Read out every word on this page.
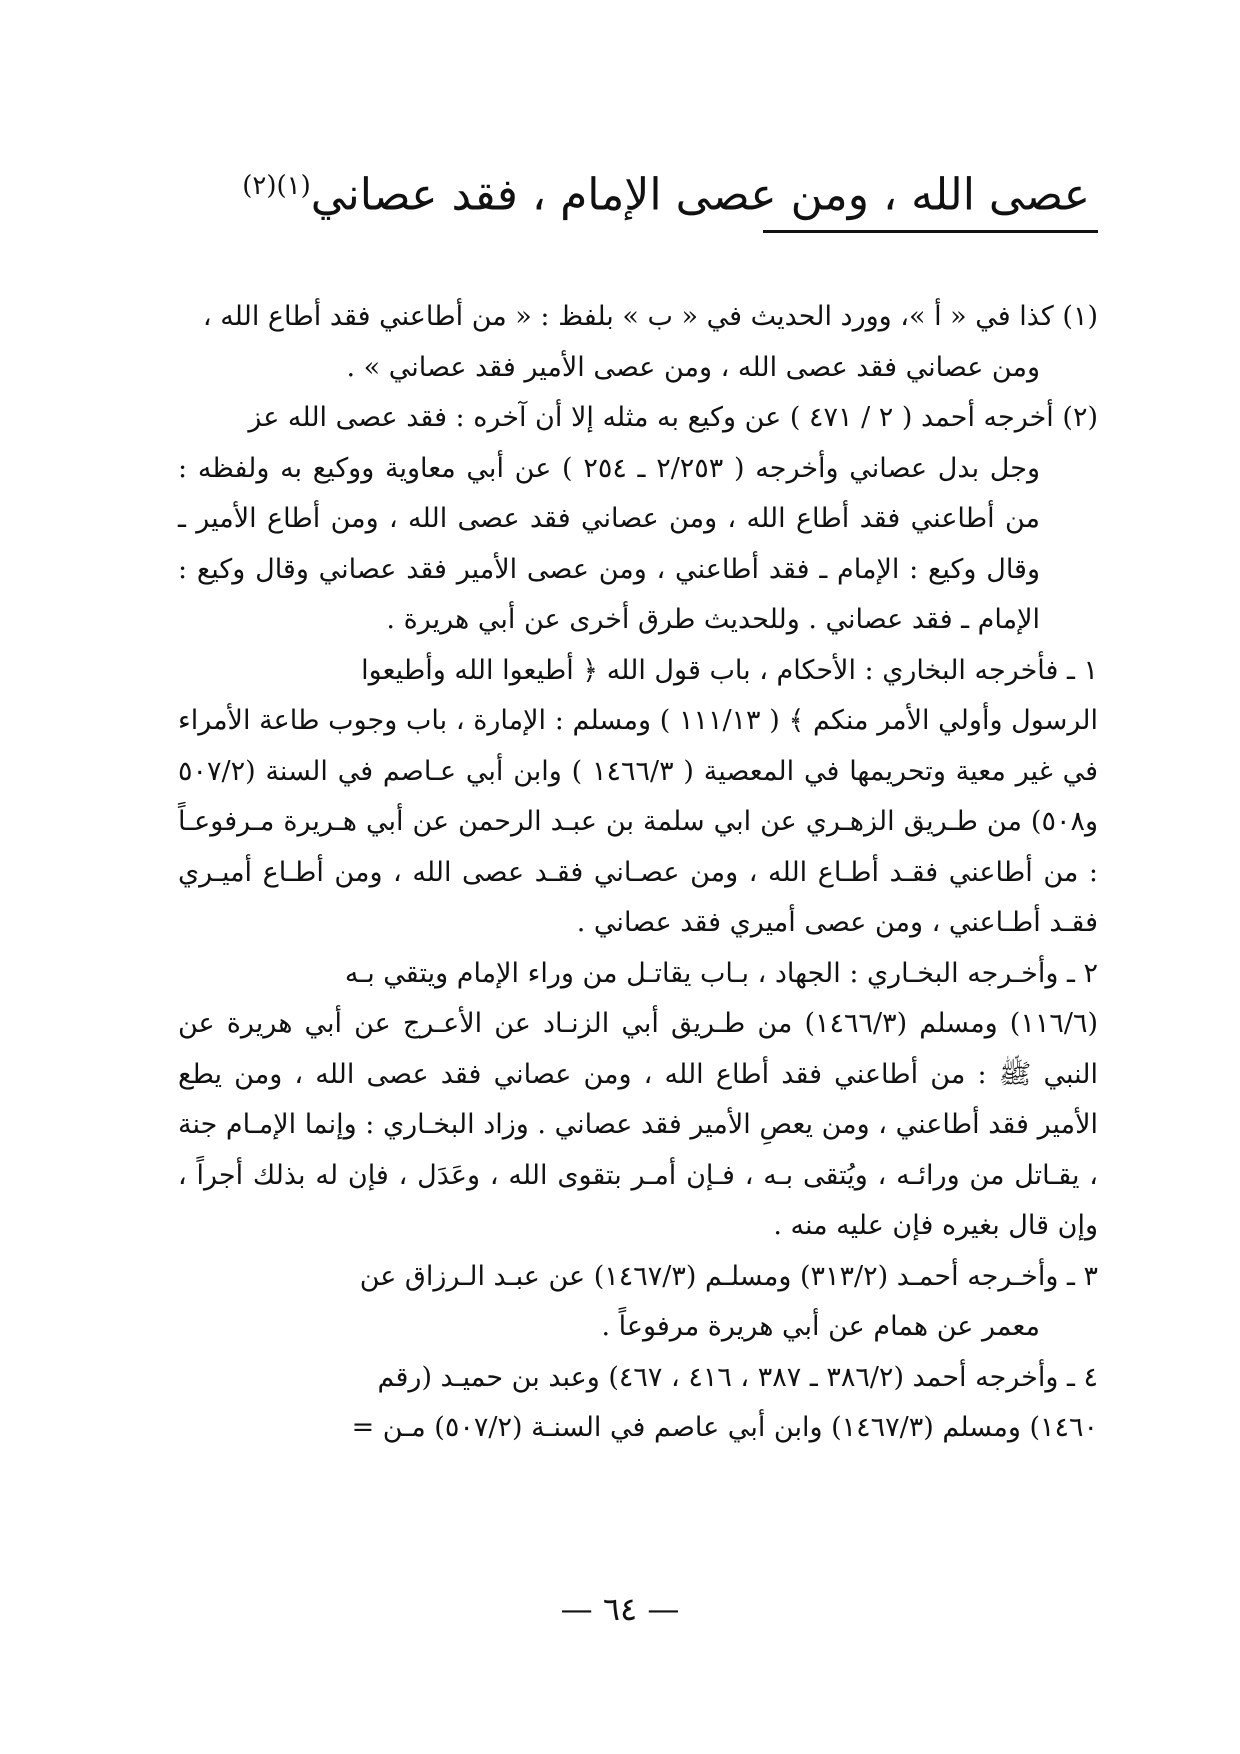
عصى الله ، ومن عصى الإمام ، فقد عصاني$^{(١)(٢)}$
(١) كذا في « أ »، وورد الحديث في « ب » بلفظ : « من أطاعني فقد أطاع الله ،
ومن عصاني فقد عصى الله ، ومن عصى الأمير فقد عصاني » .
(٢) أخرجه أحمد ( ٢ / ٤٧١ ) عن وكيع به مثله إلا أن آخره : فقد عصى الله عز
وجل بدل عصاني وأخرجه ( ٢/٢٥٣ ـ ٢٥٤ ) عن أبي معاوية ووكيع به ولفظه : من أطاعني فقد أطاع الله ، ومن عصاني فقد عصى الله ، ومن أطاع الأمير ـ وقال وكيع : الإمام ـ فقد أطاعني ، ومن عصى الأمير فقد عصاني وقال وكيع : الإمام ـ فقد عصاني . وللحديث طرق أخرى عن أبي هريرة .
١ ـ فأخرجه البخاري : الأحكام ، باب قول الله ﴿ أطيعوا الله وأطيعوا
الرسول وأولي الأمر منكم ﴾ ( ١١١/١٣ ) ومسلم : الإمارة ، باب وجوب طاعة الأمراء في غير معية وتحريمها في المعصية ( ١٤٦٦/٣ ) وابن أبي عـاصم في السنة (٥٠٧/٢ و٥٠٨) من طـريق الزهـري عن ابي سلمة بن عبـد الرحمن عن أبي هـريرة مـرفوعـاً : من أطاعني فقـد أطـاع الله ، ومن عصـاني فقـد عصى الله ، ومن أطـاع أميـري فقـد أطـاعني ، ومن عصى أميري فقد عصاني .
٢ ـ وأخـرجه البخـاري : الجهاد ، بـاب يقاتـل من وراء الإمام ويتقي بـه
(١١٦/٦) ومسلم (١٤٦٦/٣) من طـريق أبي الزنـاد عن الأعـرج عن أبي هريرة عن النبي ﷺ : من أطاعني فقد أطاع الله ، ومن عصاني فقد عصى الله ، ومن يطع الأمير فقد أطاعني ، ومن يعصِ الأمير فقد عصاني . وزاد البخـاري : وإنما الإمـام جنة ، يقـاتل من ورائـه ، ويُتقى بـه ، فـإن أمـر بتقوى الله ، وعَدَل ، فإن له بذلك أجراً ، وإن قال بغيره فإن عليه منه .
٣ ـ وأخـرجه أحمـد (٣١٣/٢) ومسلـم (١٤٦٧/٣) عن عبـد الـرزاق عن
معمر عن همام عن أبي هريرة مرفوعاً .
٤ ـ وأخرجه أحمد (٣٨٦/٢ ـ ٣٨٧ ، ٤١٦ ، ٤٦٧) وعبد بن حميـد (رقم
١٤٦٠) ومسلم (١٤٦٧/٣) وابن أبي عاصم في السنـة (٥٠٧/٢) مـن =
— ٦٤ —
